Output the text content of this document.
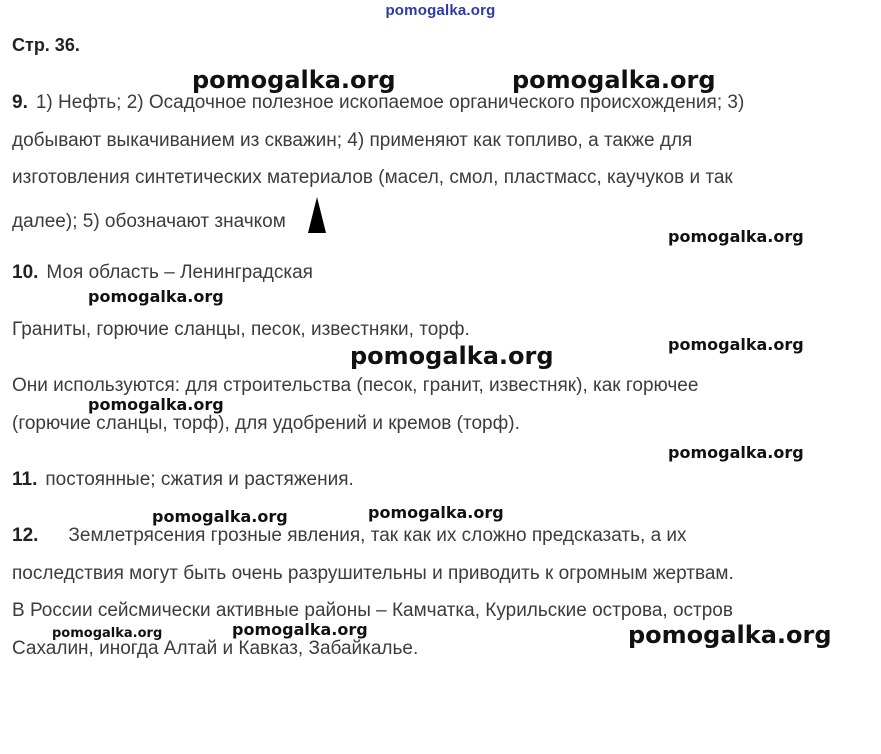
pomogalka.org
Стр. 36.
9. 1) Нефть; 2) Осадочное полезное ископаемое органического происхождения; 3)
добывают выкачиванием из скважин; 4) применяют как топливо, а также для
изготовления синтетических материалов (масел, смол, пластмасс, каучуков и так
далее); 5) обозначают значком
10. Моя область – Ленинградская
Граниты, горючие сланцы, песок, известняки, торф.
Они используются: для строительства (песок, гранит, известняк), как горючее
(горючие сланцы, торф), для удобрений и кремов (торф).
11. постоянные; сжатия и растяжения.
12. Землетрясения грозные явления, так как их сложно предсказать, а их
последствия могут быть очень разрушительны и приводить к огромным жертвам.
В России сейсмически активные районы – Камчатка, Курильские острова, остров
Сахалин, иногда Алтай и Кавказ, Забайкалье.
pomogalka.org	pomogalka.org
pomogalka.org
pomogalka.org
pomogalka.org	pomogalka.org
pomogalka.org
pomogalka.org
pomogalka.org	pomogalka.org
pomogalka.org	pomogalka.org	pomogalka.org
